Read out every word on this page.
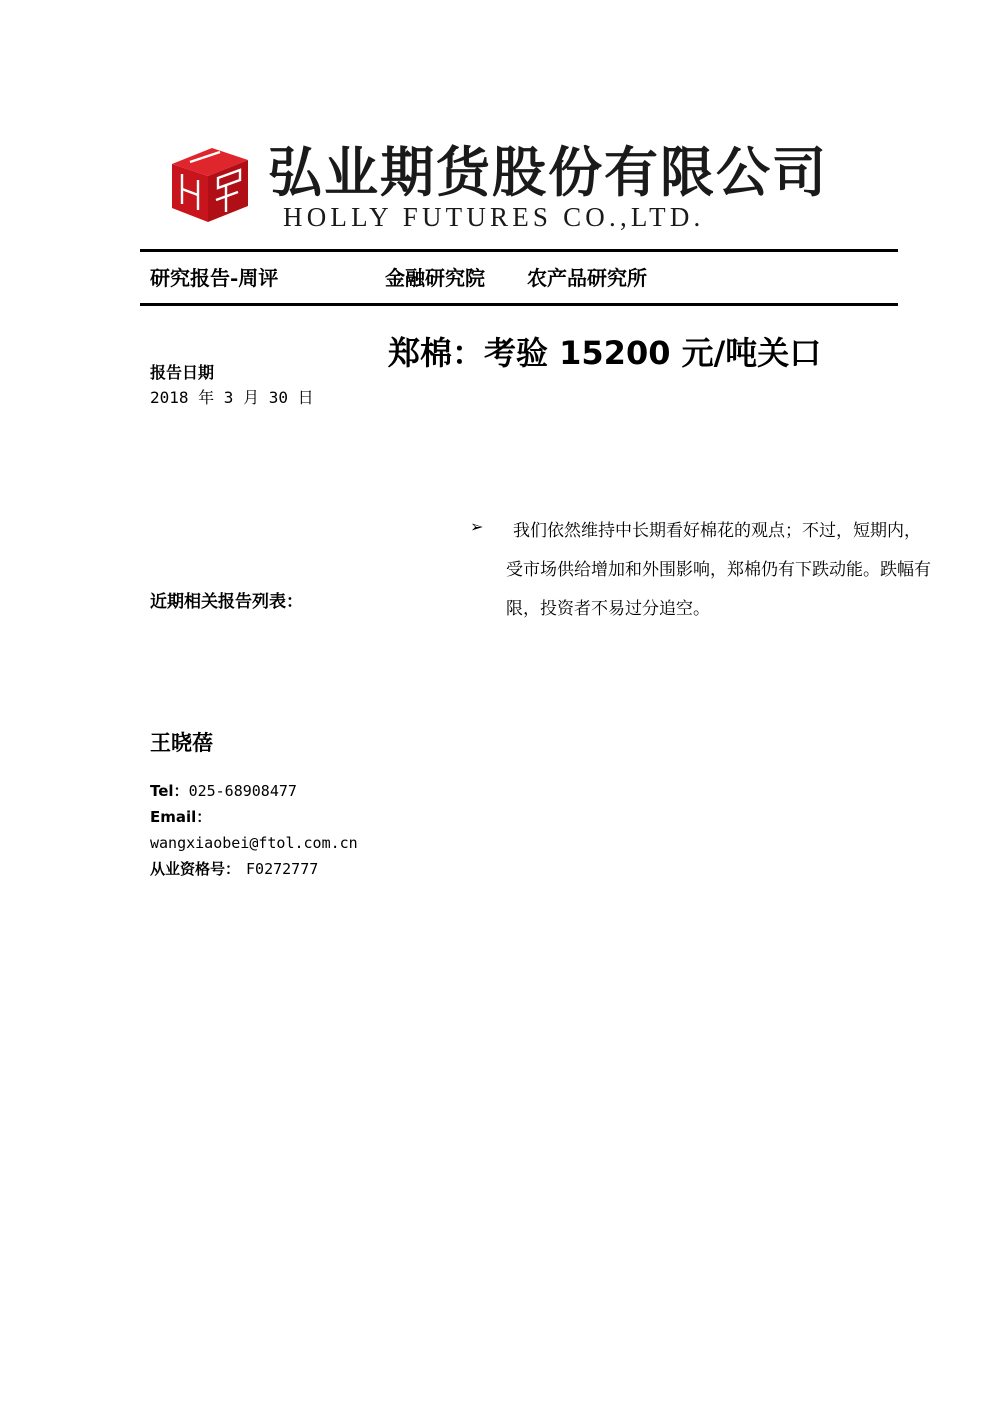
弘业期货股份有限公司
HOLLY FUTURES CO.,LTD.
研究报告-周评	金融研究院 农产品研究所
郑棉：考验 15200 元/吨关口
报告日期
2018 年 3 月 30 日
➢	我们依然维持中长期看好棉花的观点；不过，短期内，受市场供给增加和外围影响，郑棉仍有下跌动能。跌幅有限，投资者不易过分追空。
近期相关报告列表：
王晓蓓
Tel：025-68908477
Email：
wangxiaobei@ftol.com.cn
从业资格号： F0272777
